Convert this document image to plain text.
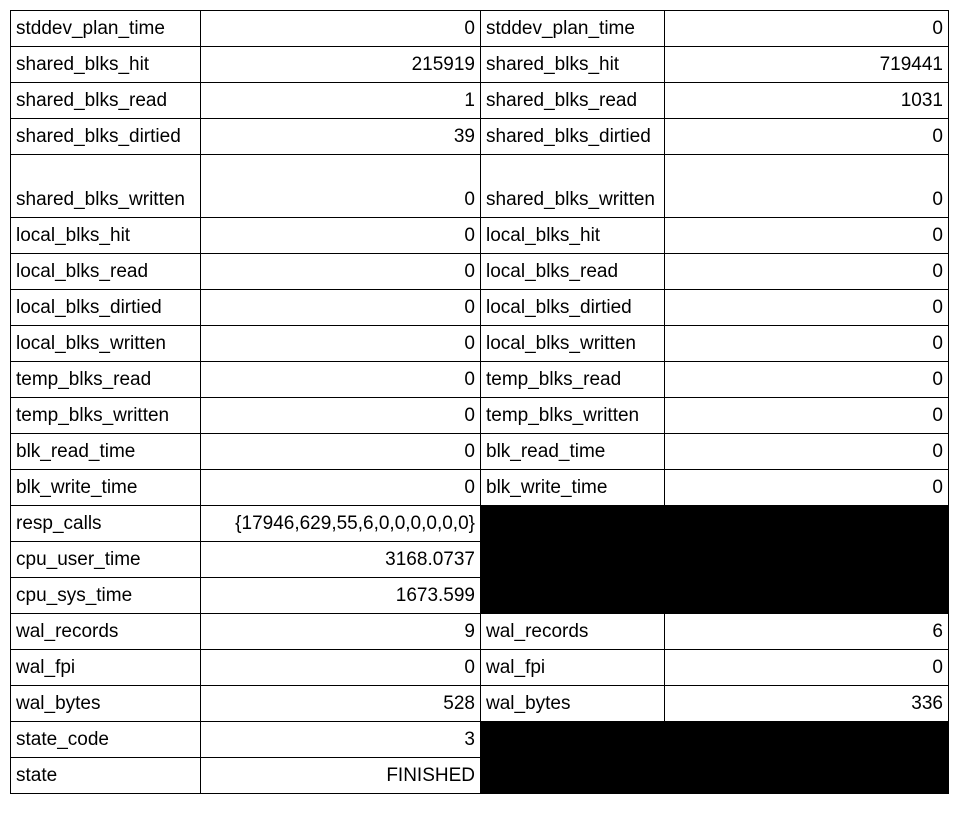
stddev_plan_time	0	stddev_plan_time	0
shared_blks_hit	215919	shared_blks_hit	719441
shared_blks_read	1	shared_blks_read	1031
shared_blks_dirtied	39	shared_blks_dirtied	0
shared_blks_written	0	shared_blks_written	0
local_blks_hit	0	local_blks_hit	0
local_blks_read	0	local_blks_read	0
local_blks_dirtied	0	local_blks_dirtied	0
local_blks_written	0	local_blks_written	0
temp_blks_read	0	temp_blks_read	0
temp_blks_written	0	temp_blks_written	0
blk_read_time	0	blk_read_time	0
blk_write_time	0	blk_write_time	0
resp_calls	{17946,629,55,6,0,0,0,0,0,0}		
cpu_user_time	3168.0737		
cpu_sys_time	1673.599		
wal_records	9	wal_records	6
wal_fpi	0	wal_fpi	0
wal_bytes	528	wal_bytes	336
state_code	3		
state	FINISHED		
